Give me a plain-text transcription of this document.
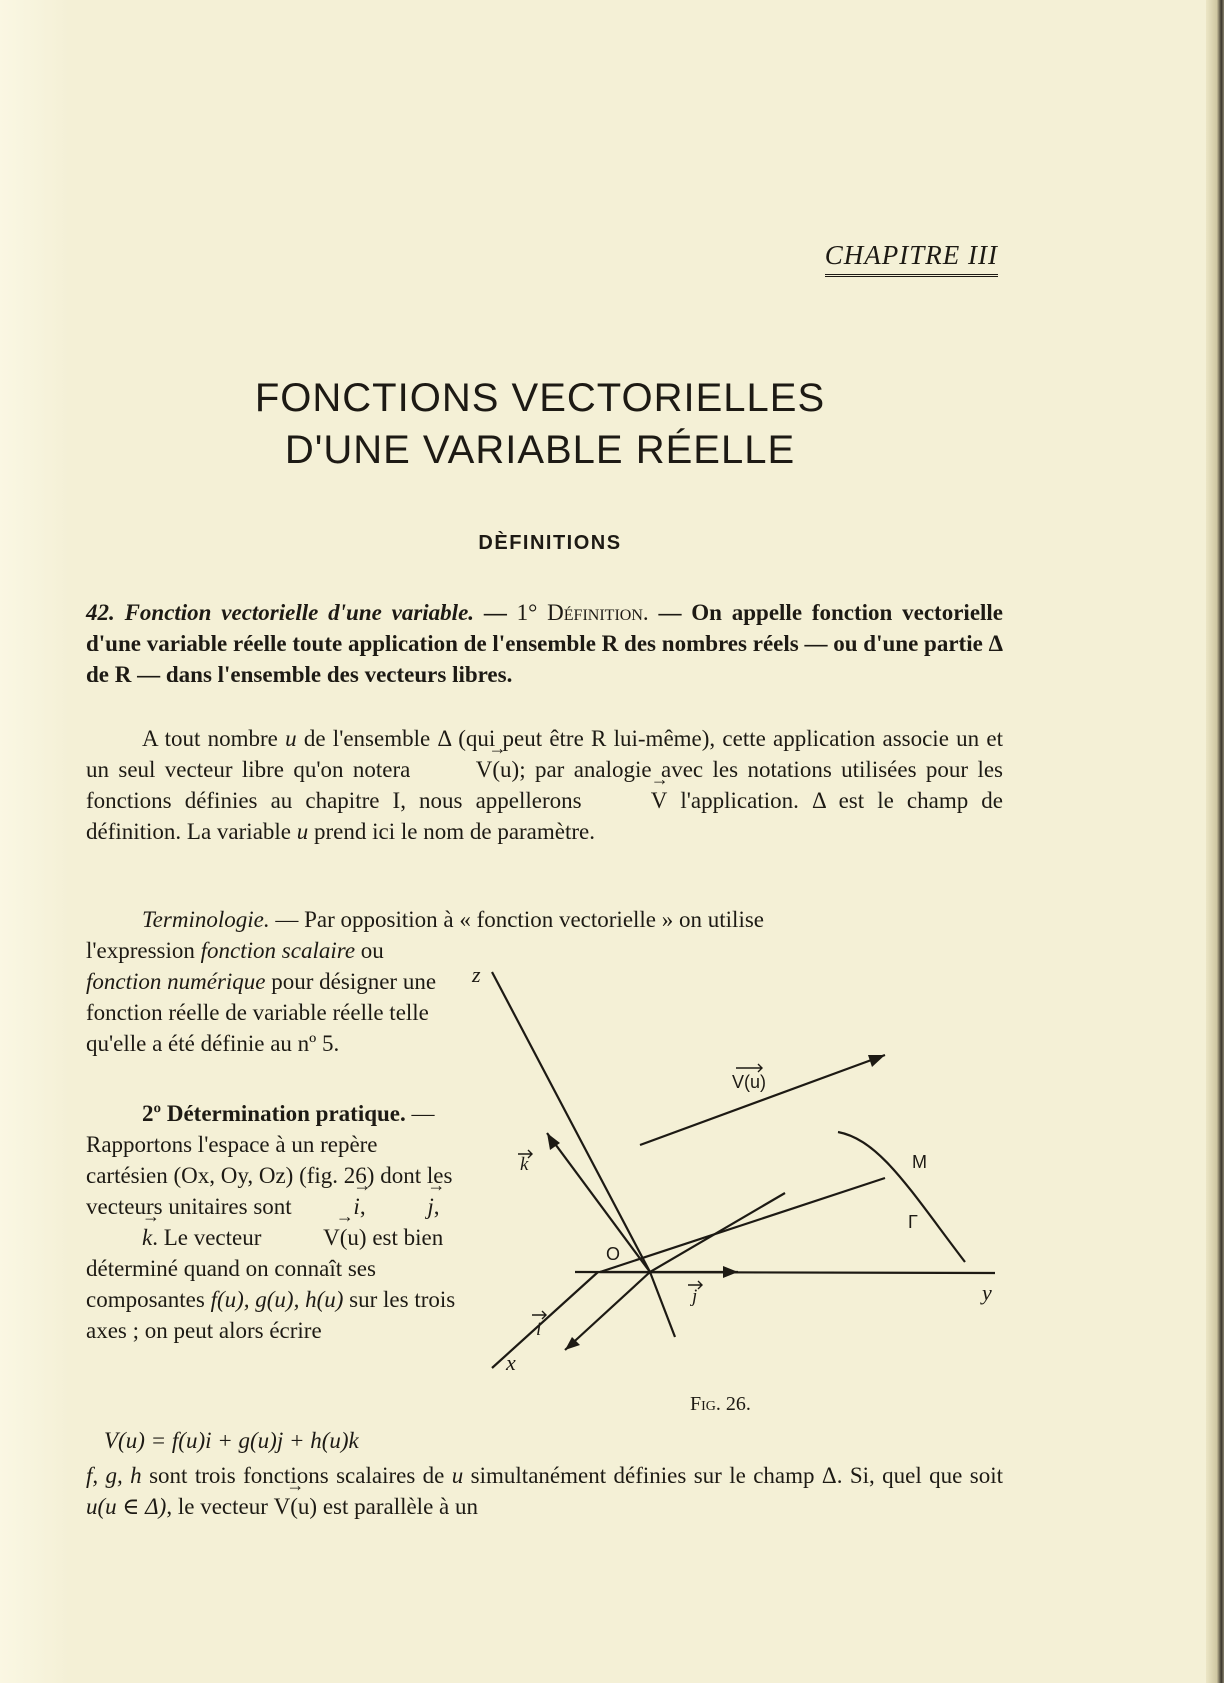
CHAPITRE III
FONCTIONS VECTORIELLES
D'UNE VARIABLE RÉELLE
DÈFINITIONS
42. Fonction vectorielle d'une variable. — 1° Définition. — On appelle fonction vectorielle d'une variable réelle toute application de l'ensemble R des nombres réels — ou d'une partie Δ de R — dans l'ensemble des vecteurs libres.
A tout nombre u de l'ensemble Δ (qui peut être R lui-même), cette application associe un et un seul vecteur libre qu'on notera → V(u); par analogie avec les notations utilisées pour les fonctions définies au chapitre I, nous appellerons → V l'application. Δ est le champ de définition. La variable u prend ici le nom de paramètre.
Terminologie. — Par opposition à « fonction vectorielle » on utilise
l'expression fonction scalaire ou fonction numérique pour désigner une fonction réelle de variable réelle telle qu'elle a été définie au nº 5.
2º Détermination pratique. — Rapportons l'espace à un repère cartésien (Ox, Oy, Oz) (fig. 26) dont les vecteurs unitaires sont → i, → j, → k. Le vecteur → V(u) est bien déterminé quand on connaît ses composantes f(u), g(u), h(u) sur les trois axes ; on peut alors écrire
V(u) = f(u)i + g(u)j + h(u)k
f, g, h sont trois fonctions scalaires de u simultanément définies sur le champ Δ. Si, quel que soit u(u ∈ Δ), le vecteur → V(u) est parallèle à un
z
y
x
O
M
Γ
V(u)
k
i
j
Fig. 26.
